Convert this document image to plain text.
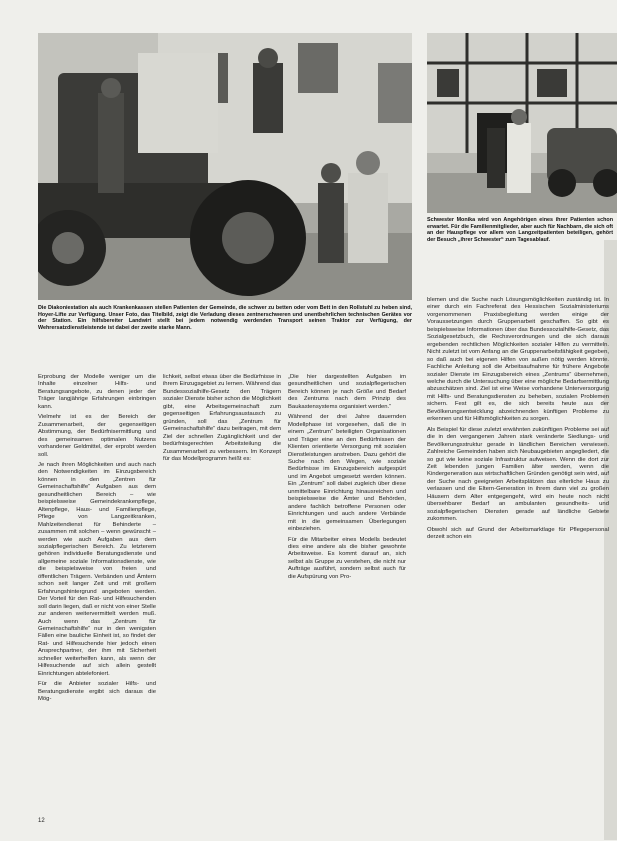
Die Diakoniestation als auch Krankenkassen stellen Patienten der Gemeinde, die schwer zu betten oder vom Bett in den Rollstuhl zu heben sind, Hoyer-Lifte zur Verfügung. Unser Foto, das Titelbild, zeigt die Verladung dieses zentnerschweren und unentbehrlichen technischen Gerätes vor der Station. Ein hilfsbereiter Landwirt stellt bei jedem notwendig werdenden Transport seinen Traktor zur Verfügung, der Wehrersatzdienstleistende ist dabei der zweite starke Mann.

Schwester Monika wird von Angehörigen eines ihrer Patienten schon erwartet. Für die Familienmitglieder, aber auch für Nachbarn, die sich oft an der Hauspflege vor allem von Langzeitpatienten beteiligen, gehört der Besuch „ihrer Schwester“ zum Tagesablauf.

Erprobung der Modelle weniger um die Inhalte einzelner Hilfs- und Beratungsangebote, zu denen jeder der Träger langjährige Erfahrungen einbringen kann.

Vielmehr ist es der Bereich der Zusammenarbeit, der gegenseitigen Abstimmung, der Bedürfnisermittlung und des gemeinsamen optimalen Nutzens vorhandener Geldmittel, der erprobt werden soll.

Je nach ihren Möglichkeiten und auch nach den Notwendigkeiten im Einzugsbereich können in den „Zentren für Gemeinschaftshilfe“ Aufgaben aus dem gesundheitlichen Bereich – wie beispielsweise Gemeindekrankenpflege, Altenpflege, Haus- und Familienpflege, Pflege von Langzeitkranken, Mahlzeitendienst für Behinderte – zusammen mit solchen – wenn gewünscht – werden wie auch Aufgaben aus dem sozialpflegerischen Bereich. Zu letzterem gehören individuelle Beratungsdienste und allgemeine soziale Informationsdienste, wie die beispielsweise von freien und öffentlichen Trägern. Verbänden und Ämtern schon seit langer Zeit und mit großem Erfahrungshintergrund angeboten werden. Der Vorteil für den Rat- und Hilfesuchenden soll darin liegen, daß er nicht von einer Stelle zur anderen weitervermittelt werden muß. Auch wenn das „Zentrum für Gemeinschaftshilfe“ nur in den wenigsten Fällen eine bauliche Einheit ist, so findet der Rat- und Hilfesuchende hier jedoch einen Ansprechpartner, der ihm mit Sicherheit schneller weiterhelfen kann, als wenn der Hilfesuchende auf sich allein gestellt Einrichtungen abtelefoniert.

Für die Anbieter sozialer Hilfs- und Beratungsdienste ergibt sich daraus die Mög-

lichkeit, selbst etwas über die Bedürfnisse in ihrem Einzugsgebiet zu lernen. Während das Bundessozialhilfe-Gesetz den Trägern sozialer Dienste bisher schon die Möglichkeit gibt, eine Arbeitsgemeinschaft zum gegenseitigen Erfahrungsaustausch zu gründen, soll das „Zentrum für Gemeinschaftshilfe“ dazu beitragen, mit dem Ziel der schnellen Zugänglichkeit und der bedürfnisgerechten Arbeitsteilung die Zusammenarbeit zu verbessern. Im Konzept für das Modellprogramm heißt es:

„Die hier dargestellten Aufgaben im gesundheitlichen und sozialpflegerischen Bereich können je nach Größe und Bedarf des Zentrums nach dem Prinzip des Baukastensystems organisiert werden.“

Während der drei Jahre dauernden Modellphase ist vorgesehen, daß die in einem „Zentrum“ beteiligten Organisationen und Träger eine an den Bedürfnissen der Klienten orientierte Versorgung mit sozialen Dienstleistungen anstreben. Dazu gehört die Suche nach den Wegen, wie soziale Bedürfnisse im Einzugsbereich aufgespürt und im Angebot umgesetzt werden können. Ein „Zentrum“ soll dabei zugleich über diese unmittelbare Einrichtung hinausreichen und beispielsweise die Ämter und Behörden, andere fachlich betroffene Personen oder Einrichtungen und auch andere Verbände mit in die gemeinsamen Überlegungen einbeziehen.

Für die Mitarbeiter eines Modells bedeutet dies eine andere als die bisher gewohnte Arbeitsweise. Es kommt darauf an, sich selbst als Gruppe zu verstehen, die nicht nur Aufträge ausführt, sondern selbst auch für die Aufspürung von Pro-

blemen und die Suche nach Lösungsmöglichkeiten zuständig ist. In einer durch ein Fachreferat des Hessischen Sozialministeriums vorgenommenen Praxisbegleitung werden einige der Voraussetzungen durch Gruppenarbeit geschaffen. So gibt es beispielsweise Informationen über das Bundessozialhilfe-Gesetz, das Sozialgesetzbuch, die Rechsverordnungen und die sich daraus ergebenden rechtlichen Möglichkeiten sozialer Hilfen zu vermitteln. Nicht zuletzt ist vom Anfang an die Gruppenarbeitsfähigkeit gegeben, so daß auch bei eigenen Hilfen von außen nötig werden könnte. Fachliche Anleitung soll die Arbeitsaufnahme für frühere Angebote sozialer Dienste im Einzugsbereich eines „Zentrums“ übernehmen, welche durch die Untersuchung über eine mögliche Bedarfsermittlung abzuschätzen sind. Ziel ist eine Weise vorhandene Unterversorgung mit Hilfs- und Beratungsdiensten zu beheben, sozialen Problemen sichern. Fest gilt es, die sich bereits heute aus der Bevölkerungsentwicklung abzeichnenden künftigen Probleme zu erkennen und für Hilfsmöglichkeiten zu sorgen.

Als Beispiel für diese zuletzt erwähnten zukünftigen Probleme sei auf die in den vergangenen Jahren stark veränderte Siedlungs- und Bevölkerungsstruktur gerade in ländlichen Bereichen verwiesen. Zahlreiche Gemeinden haben sich Neubaugebieten angegliedert, die so gut wie keine soziale Infrastruktur aufweisen. Wenn die dort zur Zeit lebenden jungen Familien älter werden, wenn die Kindergeneration aus wirtschaftlichen Gründen genötigt sein wird, auf der Suche nach geeigneten Arbeitsplätzen das elterliche Haus zu verlassen und die Eltern-Generation in ihrem dann viel zu großen Häusern dem Alter entgegengeht, wird ein heute noch nicht übersehbarer Bedarf an ambulanten gesundheits- und sozialpflegerischen Diensten gerade auf ländliche Gebiete zukommen.

Obwohl sich auf Grund der Arbeitsmarktlage für Pflegepersonal derzeit schon ein

12
